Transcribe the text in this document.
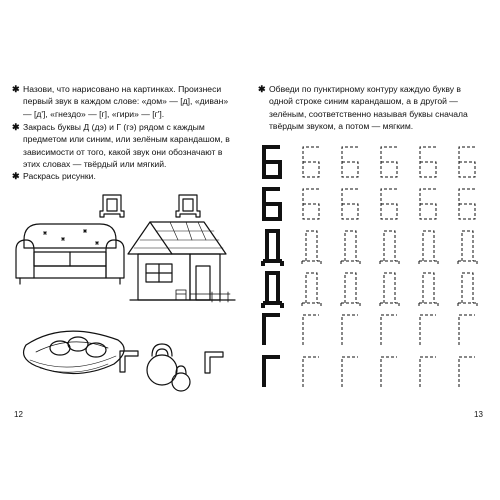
✱ Назови, что нарисовано на картинках. Произнеси первый звук в каждом слове: «дом» — [д], «диван» — [д'], «гнездо» — [г], «гири» — [г'].
✱ Закрась буквы Д (дэ) и Г (гэ) рядом с каждым предметом или синим, или зелёным карандашом, в зависимости от того, какой звук они обозначают в этих словах — твёрдый или мягкий.
✱ Раскрась рисунки.
12
✱ Обведи по пунктирному контуру каждую букву в одной строке синим карандашом, а в другой — зелёным, соответственно называя буквы сначала твёрдым звуком, а потом — мягким.
13
